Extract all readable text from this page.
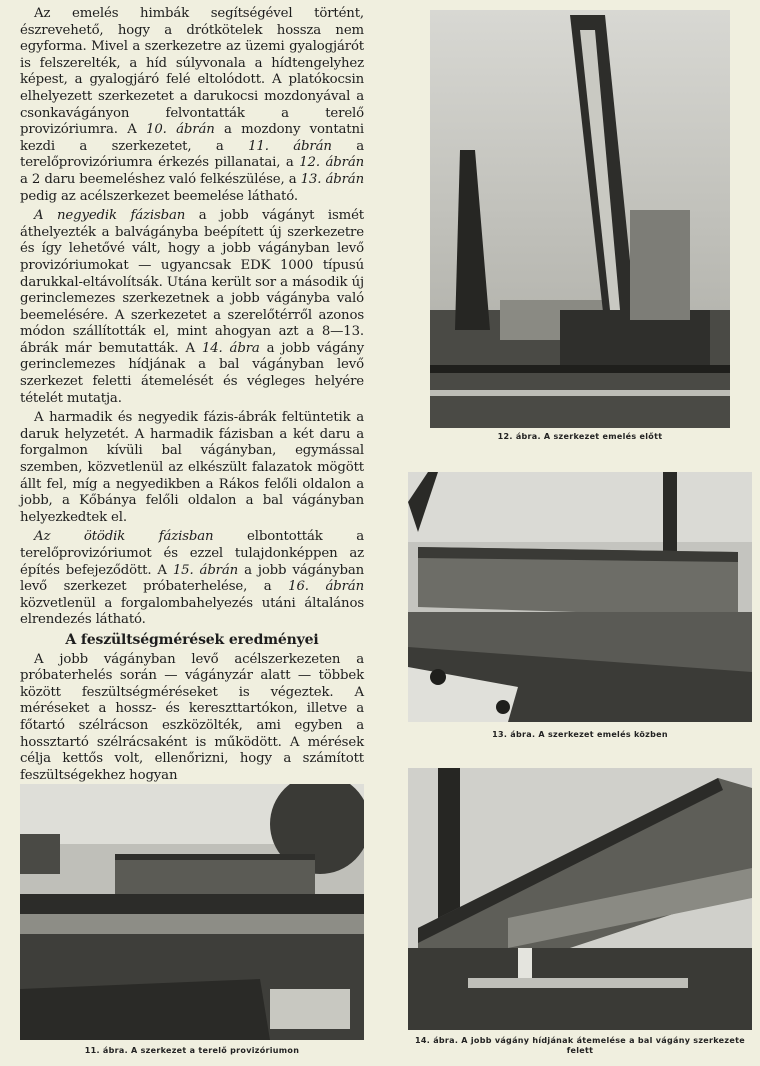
Az emelés himbák segítségével történt, észrevehető, hogy a drótkötelek hossza nem egyforma. Mivel a szerkezetre az üzemi gyalogjárót is felszerelték, a híd súlyvonala a hídtengelyhez képest, a gyalogjáró felé eltolódott. A platókocsin elhelyezett szerkezetet a darukocsi mozdonyával a csonkavágányon felvontatták a terelő provizóriumra. A 10. ábrán a mozdony vontatni kezdi a szerkezetet, a 11. ábrán a terelőprovizóriumra érkezés pillanatai, a 12. ábrán a 2 daru beemeléshez való felkészülése, a 13. ábrán pedig az acélszerkezet beemelése látható.

A negyedik fázisban a jobb vágányt ismét áthelyezték a balvágányba beépített új szerkezetre és így lehetővé vált, hogy a jobb vágányban levő provizóriumokat — ugyancsak EDK 1000 típusú darukkal-eltávolítsák. Utána került sor a második új gerinclemezes szerkezetnek a jobb vágányba való beemelésére. A szerkezetet a szerelőtérről azonos módon szállították el, mint ahogyan azt a 8—13. ábrák már bemutatták. A 14. ábra a jobb vágány gerinclemezes hídjának a bal vágányban levő szerkezet feletti átemelését és végleges helyére tételét mutatja.

A harmadik és negyedik fázis-ábrák feltüntetik a daruk helyzetét. A harmadik fázisban a két daru a forgalmon kívüli bal vágányban, egymással szemben, közvetlenül az elkészült falazatok mögött állt fel, míg a negyedikben a Rákos felőli oldalon a jobb, a Kőbánya felőli oldalon a bal vágányban helyezkedtek el.

Az ötödik fázisban elbontották a terelőprovizóriumot és ezzel tulajdonképpen az építés befejeződött. A 15. ábrán a jobb vágányban levő szerkezet próbaterhelése, a 16. ábrán közvetlenül a forgalombahelyezés utáni általános elrendezés látható.

A feszültségmérések eredményei

A jobb vágányban levő acélszerkezeten a próbaterhelés során — vágányzár alatt — többek között feszültségméréseket is végeztek. A méréseket a hossz- és kereszttartókon, illetve a főtartó szélrácson eszközölték, ami egyben a hossztartó szélrácsaként is működött. A mérések célja kettős volt, ellenőrizni, hogy a számított feszültségekhez hogyan

12. ábra. A szerkezet emelés előtt
13. ábra. A szerkezet emelés közben
11. ábra. A szerkezet a terelő provizóriumon
14. ábra. A jobb vágány hídjának átemelése a bal vágány szerkezete felett
